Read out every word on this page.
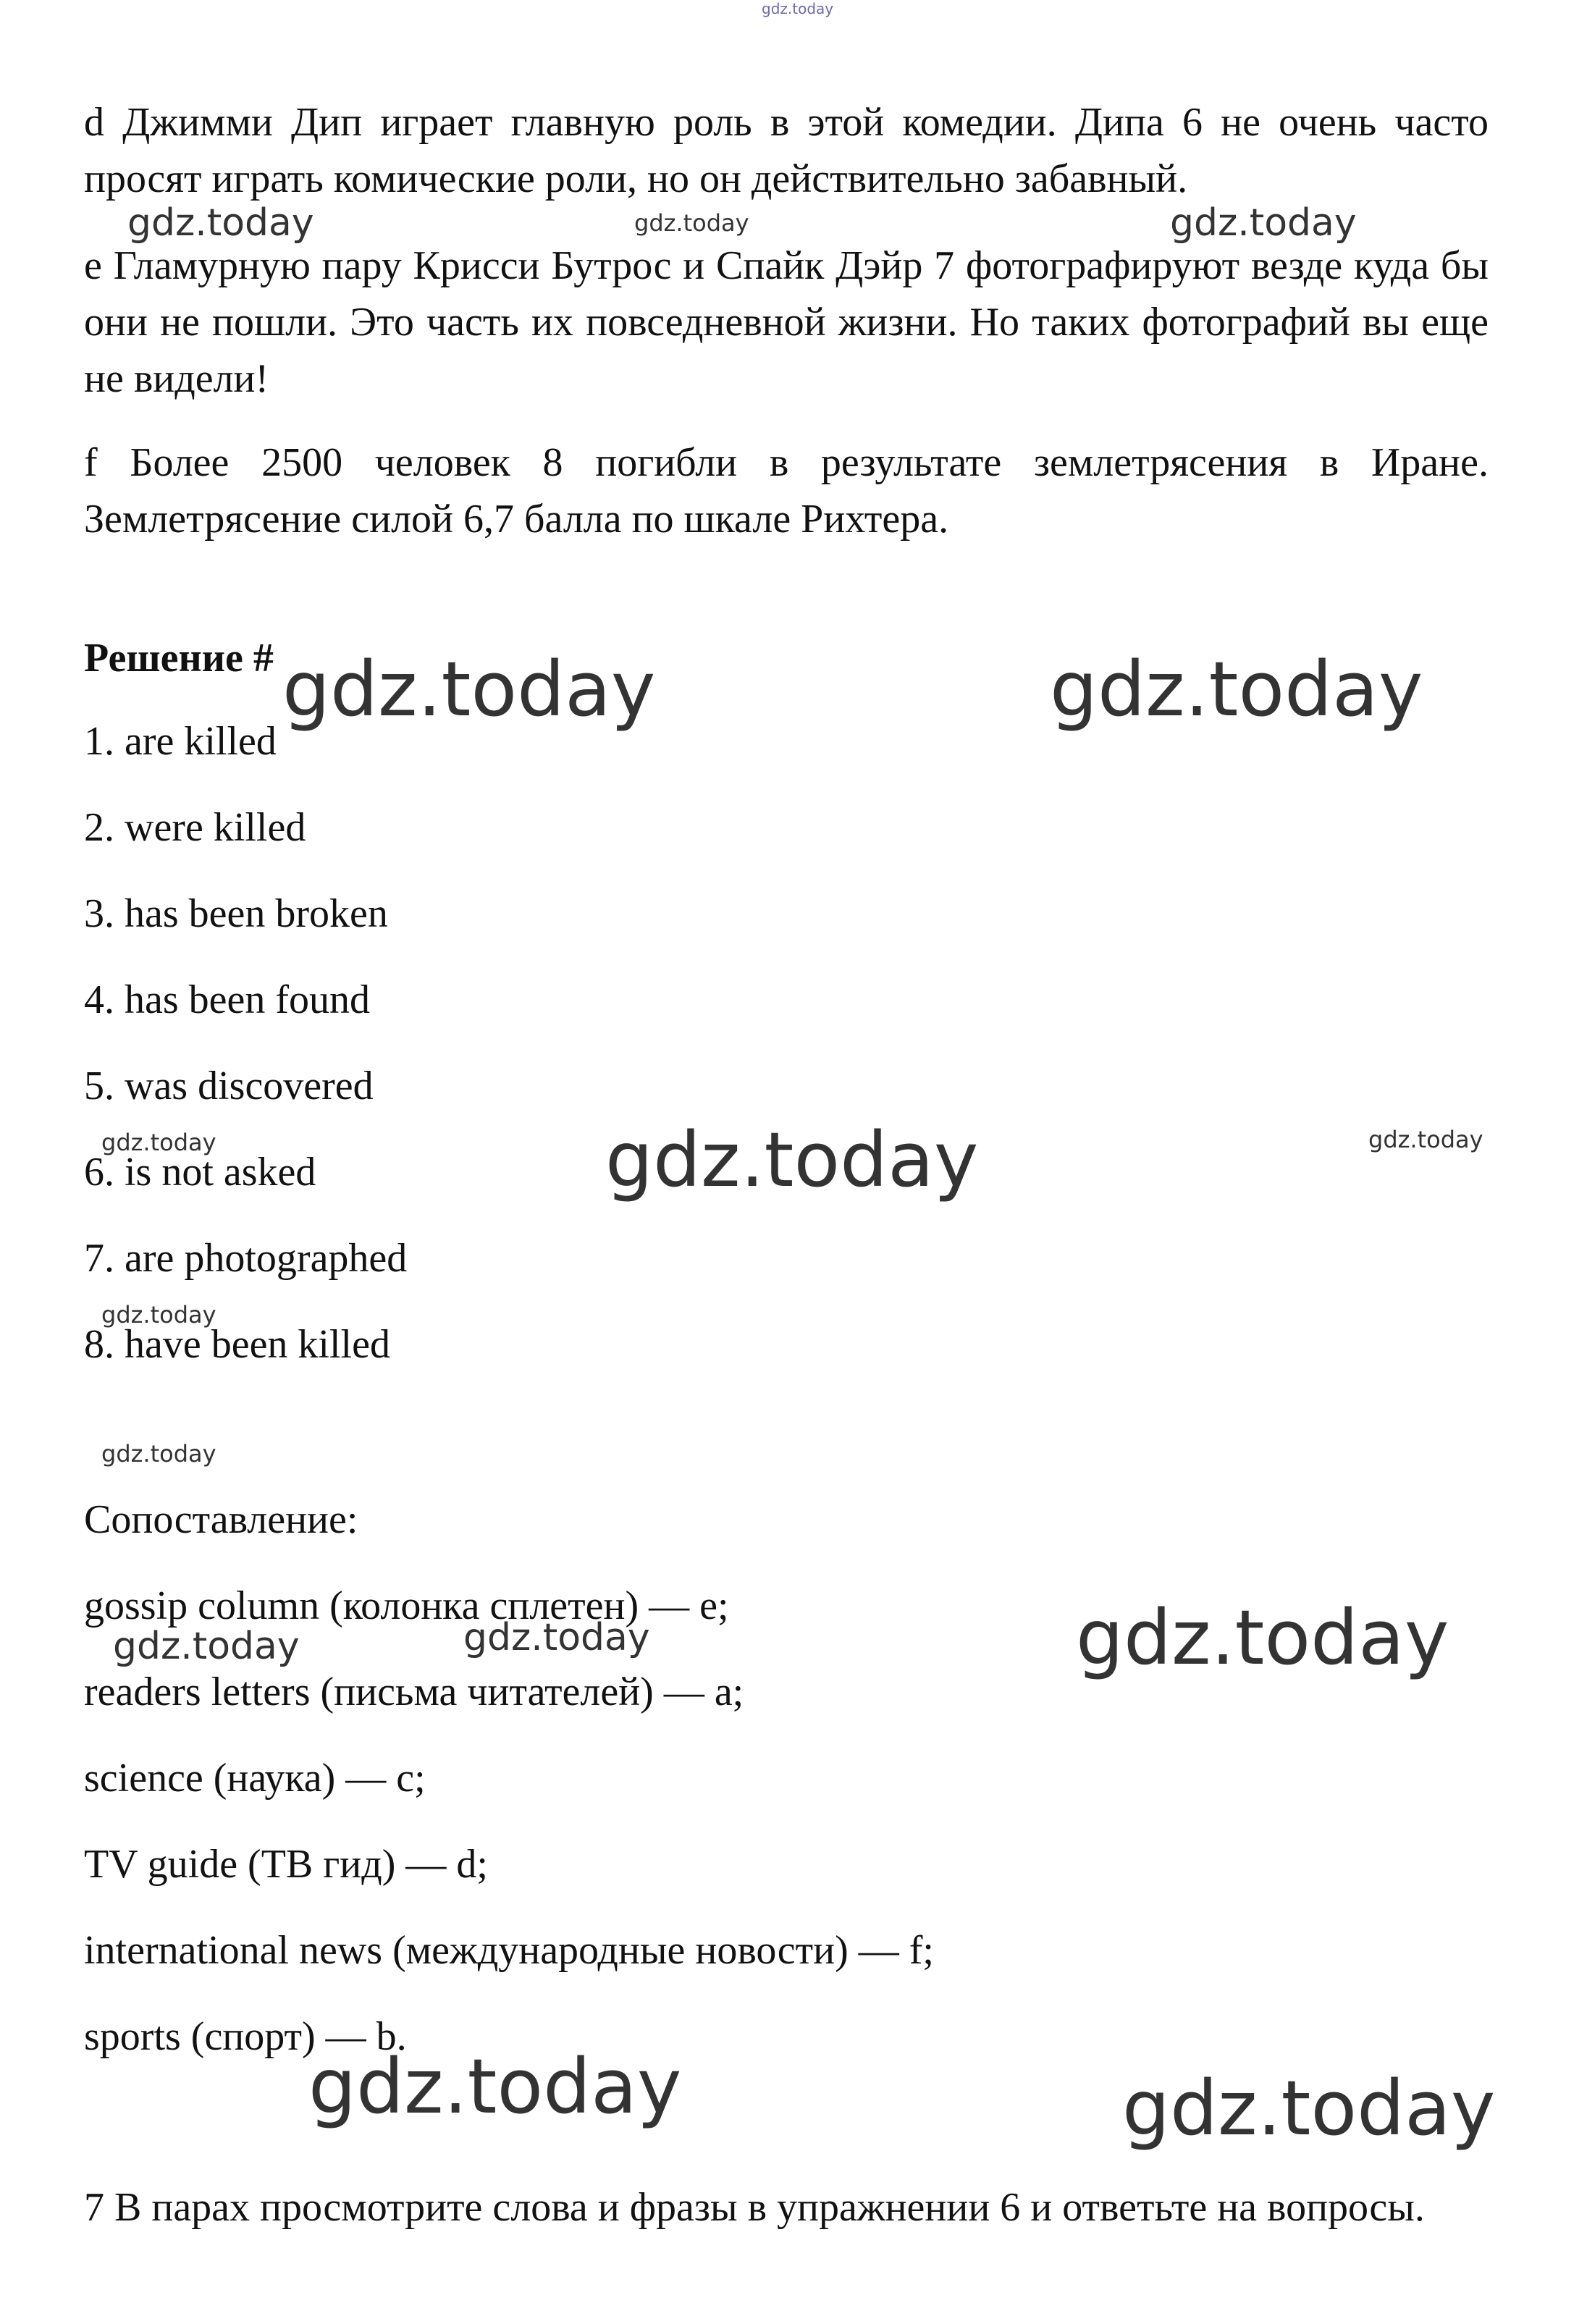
gdz.today

d Джимми Дип играет главную роль в этой комедии. Дипа 6 не очень часто просят играть комические роли, но он действительно забавный.

e Гламурную пару Крисси Бутрос и Спайк Дэйр 7 фотографируют везде куда бы они не пошли. Это часть их повседневной жизни. Но таких фотографий вы еще не видели!

f Более 2500 человек 8 погибли в результате землетрясения в Иране. Землетрясение силой 6,7 балла по шкале Рихтера.

Решение #
1. are killed
2. were killed
3. has been broken
4. has been found
5. was discovered
6. is not asked
7. are photographed
8. have been killed
Сопоставление:
gossip column (колонка сплетен) — e;
readers letters (письма читателей) — a;
science (наука) — c;
TV guide (ТВ гид) — d;
international news (международные новости) — f;
sports (спорт) — b.
7 В парах просмотрите слова и фразы в упражнении 6 и ответьте на вопросы.
gdz.today	gdz.today	gdz.today
gdz.today	gdz.today
gdz.today	gdz.today	gdz.today
gdz.today
gdz.today
gdz.today	gdz.today	gdz.today
gdz.today	gdz.today
